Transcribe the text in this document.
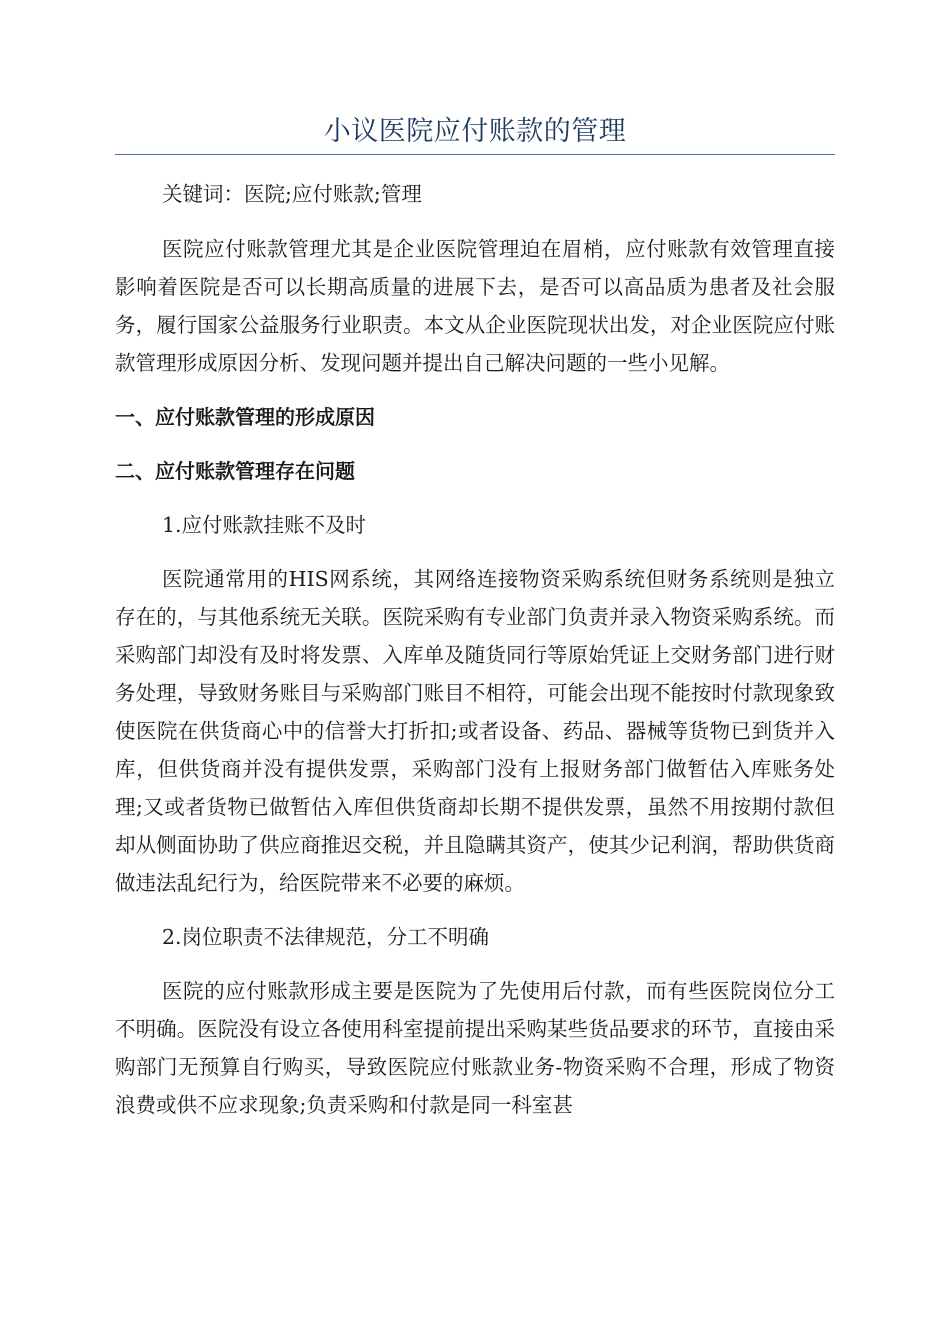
小议医院应付账款的管理

关键词：医院;应付账款;管理

医院应付账款管理尤其是企业医院管理迫在眉梢，应付账款有效管理直接影响着医院是否可以长期高质量的进展下去，是否可以高品质为患者及社会服务，履行国家公益服务行业职责。本文从企业医院现状出发，对企业医院应付账款管理形成原因分析、发现问题并提出自己解决问题的一些小见解。

一、应付账款管理的形成原因
二、应付账款管理存在问题

1.应付账款挂账不及时

医院通常用的HIS网系统，其网络连接物资采购系统但财务系统则是独立存在的，与其他系统无关联。医院采购有专业部门负责并录入物资采购系统。而采购部门却没有及时将发票、入库单及随货同行等原始凭证上交财务部门进行财务处理，导致财务账目与采购部门账目不相符，可能会出现不能按时付款现象致使医院在供货商心中的信誉大打折扣;或者设备、药品、器械等货物已到货并入库，但供货商并没有提供发票，采购部门没有上报财务部门做暂估入库账务处理;又或者货物已做暂估入库但供货商却长期不提供发票，虽然不用按期付款但却从侧面协助了供应商推迟交税，并且隐瞒其资产，使其少记利润，帮助供货商做违法乱纪行为，给医院带来不必要的麻烦。

2.岗位职责不法律规范，分工不明确

医院的应付账款形成主要是医院为了先使用后付款，而有些医院岗位分工不明确。医院没有设立各使用科室提前提出采购某些货品要求的环节，直接由采购部门无预算自行购买，导致医院应付账款业务-物资采购不合理，形成了物资浪费或供不应求现象;负责采购和付款是同一科室甚
